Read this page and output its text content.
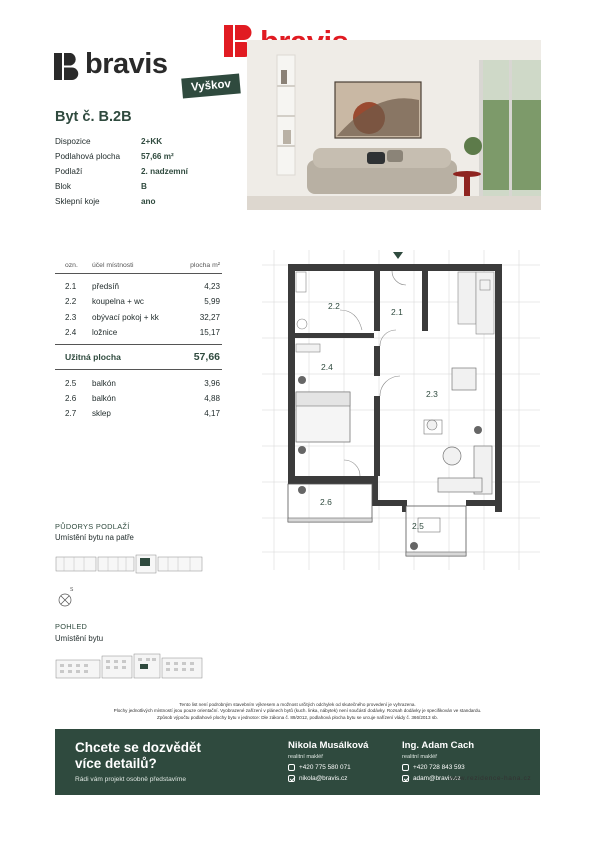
bravis
Vyškov
Byt č. B.2B
Dispozice	2+KK
Podlahová plocha	57,66 m²
Podlaží	2. nadzemní
Blok	B
Sklepní koje	ano
ozn. účel místnosti	plocha m²
2.1 předsíň	4,23
2.2 koupelna + wc	5,99
2.3 obývací pokoj + kk	32,27
2.4 ložnice	15,17
Užitná plocha	57,66
2.5 balkón	3,96
2.6 balkón	4,88
2.7 sklep	4,17
2.2
2.1
2.4
2.3
2.6
2.5
PŮDORYS PODLAŽÍ
Umístění bytu na patře
S
POHLED
Umístění bytu
Tento list není podrobným stavebním výkresem a možnost určitých odchylek od skutečného provedení je vyhrazena.
Plochy jednotlivých místností jsou pouze orientační. Vyobrazené zařízení v plánech bytů (kuch. linka, nábytek) není součástí dodávky. Rozsah dodávky je specifikován ve standardu.
Způsob výpočtu podlahové plochy bytu v jednotce: Dle zákona č. 89/2012, podlahová plocha bytu se urcuje nařízení vlády č. 366/2013 sb.
Chcete se dozvědět více detailů?
Rádi vám projekt osobně představíme
Nikola Musálková
realitní makléř
+420 775 580 071
nikola@bravis.cz
Ing. Adam Cach
realitní makléř
+420 728 843 593
adam@bravis.cz
www.rezidence-hana.cz
